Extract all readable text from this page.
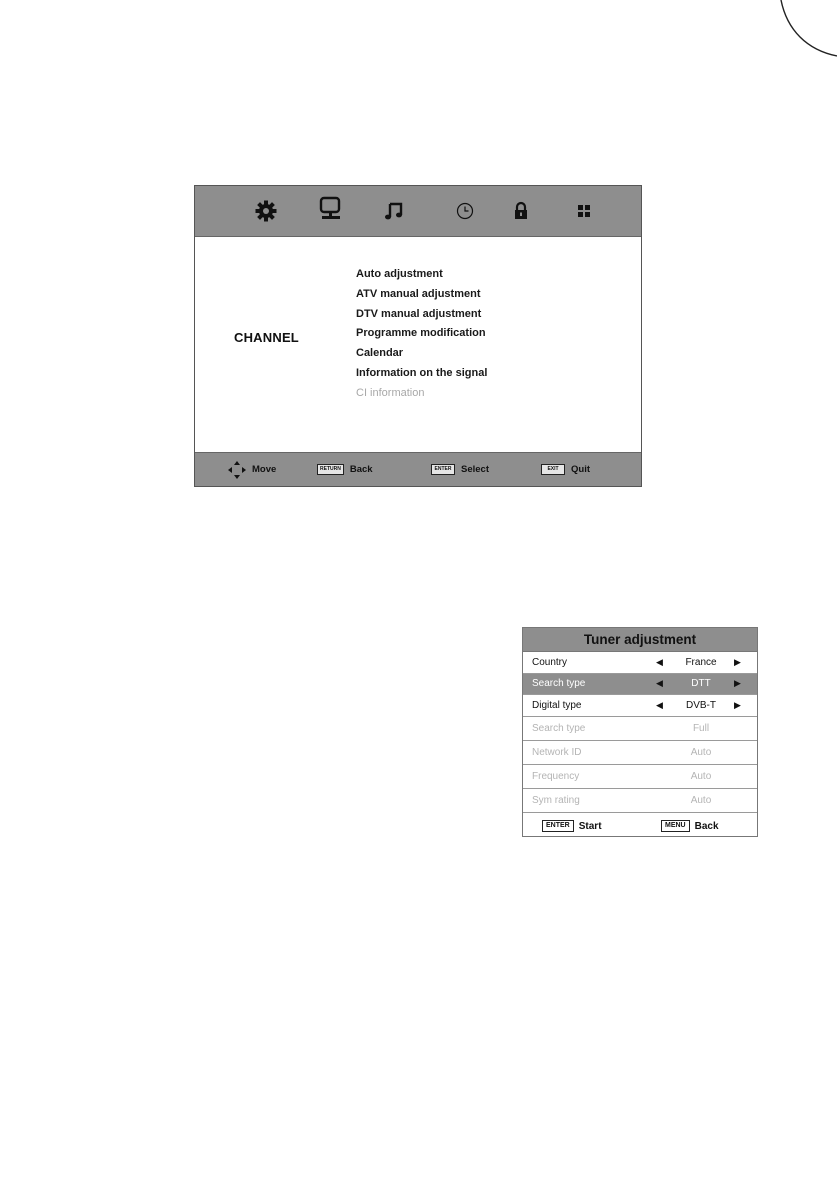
CHANNEL
Auto adjustment
ATV manual adjustment
DTV manual adjustment
Programme modification
Calendar
Information on the signal
CI information
Move	RETURN Back	ENTER	Select	EXIT	Quit
Tuner adjustment
Country	◀	France	▶
Search type	◀	DTT	▶
Digital type	◀	DVB-T	▶
Search type	Full
Network ID	Auto
Frequency	Auto
Sym rating	Auto
ENTER Start	MENU Back
